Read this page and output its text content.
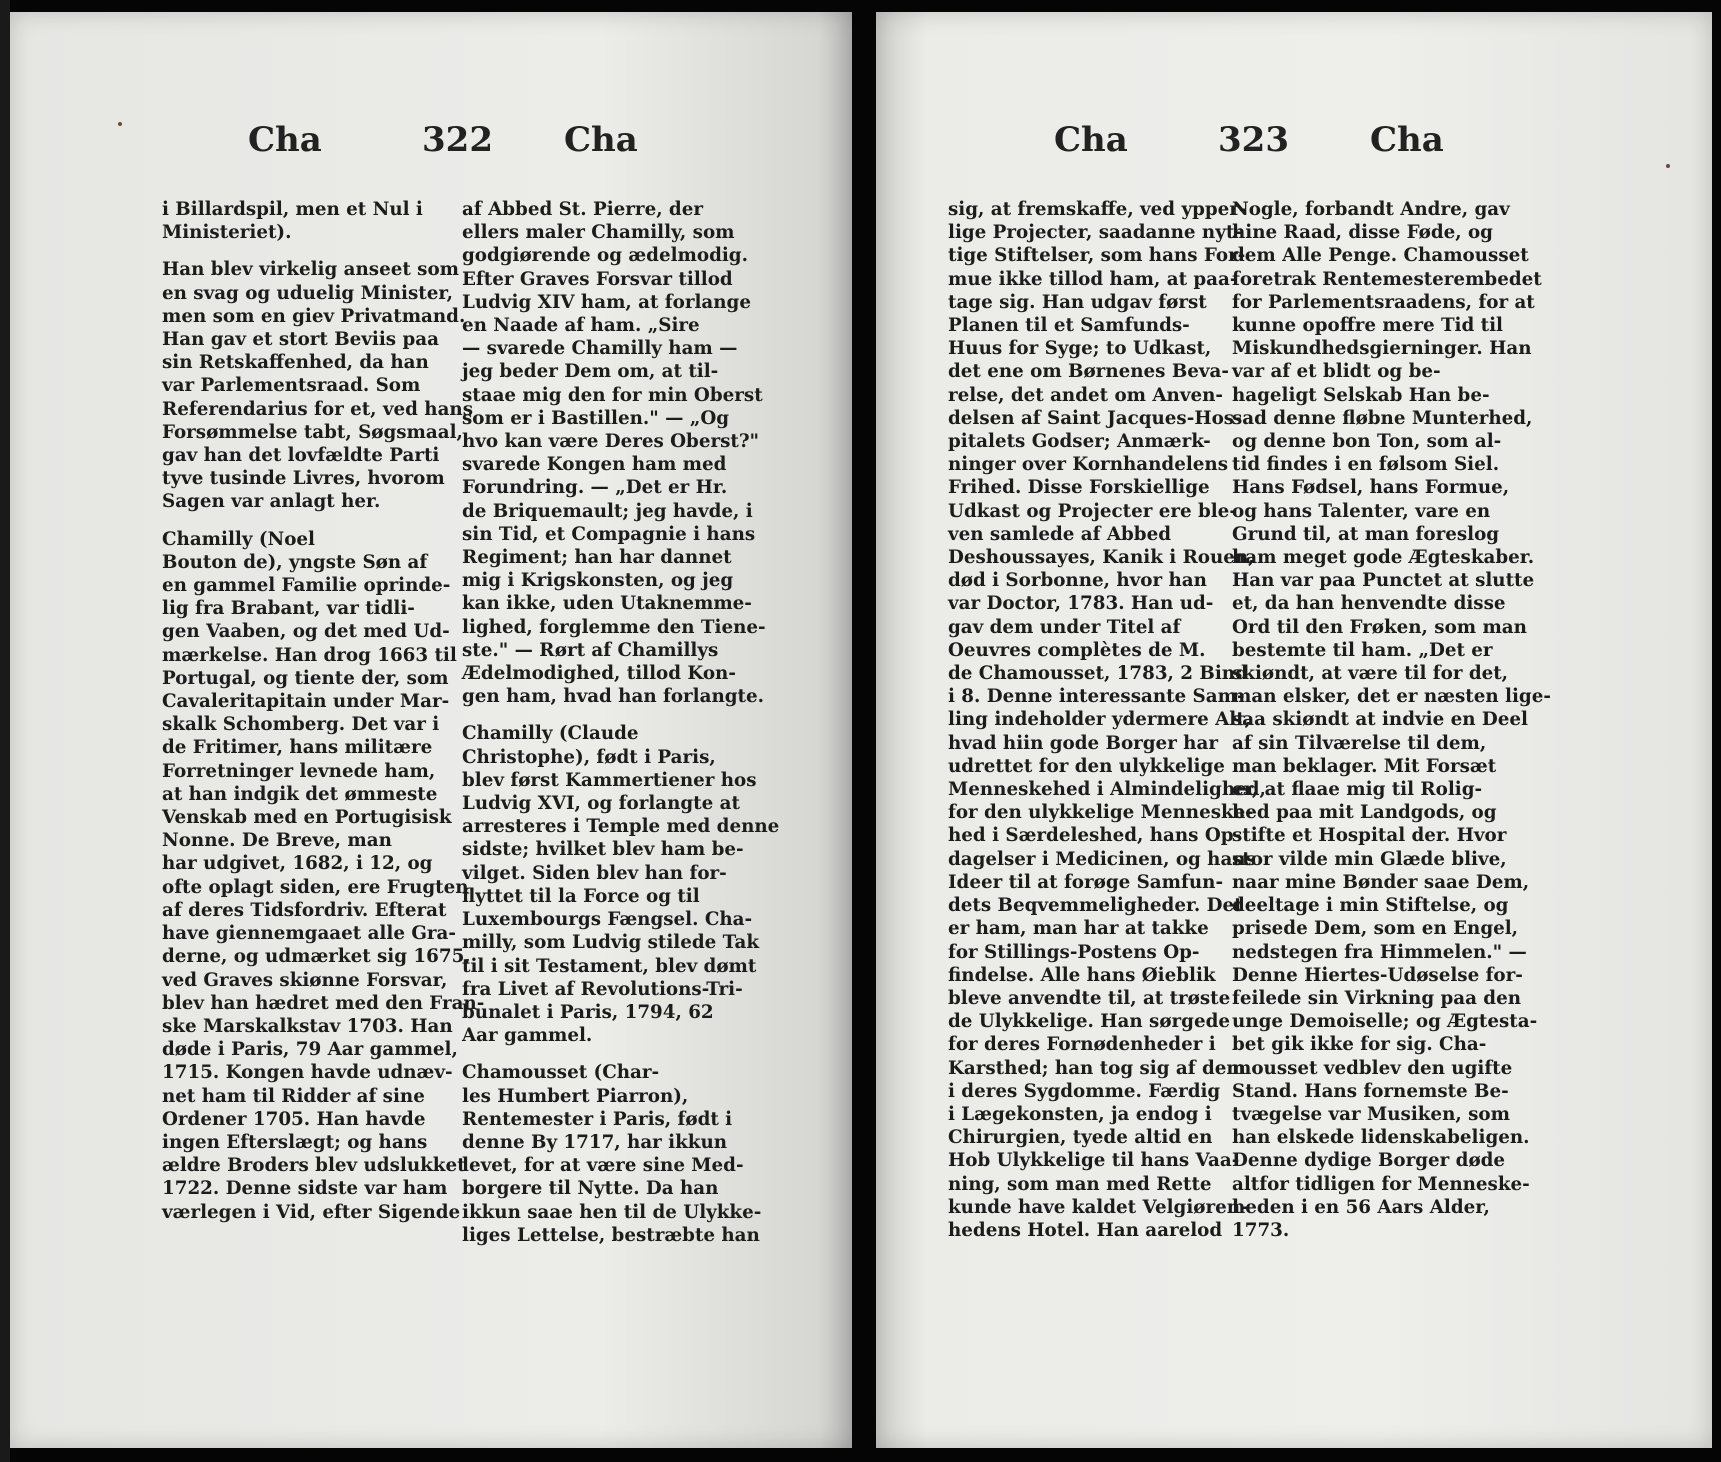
Cha	322 Cha
i Billardspil, men et Nul i
Ministeriet).
Han blev virkelig anseet som
en svag og uduelig Minister,
men som en giev Privatmand.
Han gav et stort Beviis paa
sin Retskaffenhed, da han
var Parlementsraad. Som
Referendarius for et, ved hans
Forsømmelse tabt, Søgsmaal,
gav han det lovfældte Parti
tyve tusinde Livres, hvorom
Sagen var anlagt her.
Chamilly (Noel
Bouton de), yngste Søn af
en gammel Familie oprinde-
lig fra Brabant, var tidli-
gen Vaaben, og det med Ud-
mærkelse. Han drog 1663 til
Portugal, og tiente der, som
Cavaleritapitain under Mar-
skalk Schomberg. Det var i
de Fritimer, hans militære
Forretninger levnede ham,
at han indgik det ømmeste
Venskab med en Portugisisk
Nonne. De Breve, man
har udgivet, 1682, i 12, og
ofte oplagt siden, ere Frugten
af deres Tidsfordriv. Efterat
have giennemgaaet alle Gra-
derne, og udmærket sig 1675,
ved Graves skiønne Forsvar,
blev han hædret med den Fran-
ske Marskalkstav 1703. Han
døde i Paris, 79 Aar gammel,
1715. Kongen havde udnæv-
net ham til Ridder af sine
Ordener 1705. Han havde
ingen Efterslægt; og hans
ældre Broders blev udslukket
1722. Denne sidste var ham
værlegen i Vid, efter Sigende
af Abbed St. Pierre, der
ellers maler Chamilly, som
godgiørende og ædelmodig.
Efter Graves Forsvar tillod
Ludvig XIV ham, at forlange
en Naade af ham. „Sire
— svarede Chamilly ham —
jeg beder Dem om, at til-
staae mig den for min Oberst
som er i Bastillen." — „Og
hvo kan være Deres Oberst?"
svarede Kongen ham med
Forundring. — „Det er Hr.
de Briquemault; jeg havde, i
sin Tid, et Compagnie i hans
Regiment; han har dannet
mig i Krigskonsten, og jeg
kan ikke, uden Utaknemme-
lighed, forglemme den Tiene-
ste." — Rørt af Chamillys
Ædelmodighed, tillod Kon-
gen ham, hvad han forlangte.
Chamilly (Claude
Christophe), født i Paris,
blev først Kammertiener hos
Ludvig XVI, og forlangte at
arresteres i Temple med denne
sidste; hvilket blev ham be-
vilget. Siden blev han for-
flyttet til la Force og til
Luxembourgs Fængsel. Cha-
milly, som Ludvig stilede Tak
til i sit Testament, blev dømt
fra Livet af Revolutions-Tri-
bunalet i Paris, 1794, 62
Aar gammel.
Chamousset (Char-
les Humbert Piarron),
Rentemester i Paris, født i
denne By 1717, har ikkun
levet, for at være sine Med-
borgere til Nytte. Da han
ikkun saae hen til de Ulykke-
liges Lettelse, bestræbte han
Cha	323 Cha
sig, at fremskaffe, ved ypper-
lige Projecter, saadanne nyt-
tige Stiftelser, som hans For-
mue ikke tillod ham, at paa-
tage sig. Han udgav først
Planen til et Samfunds-
Huus for Syge; to Udkast,
det ene om Børnenes Bevа-
relse, det andet om Anven-
delsen af Saint Jacques-Hos-
pitalets Godser; Anmærk-
ninger over Kornhandelens
Frihed. Disse Forskiellige
Udkast og Projecter ere ble-
ven samlede af Abbed
Deshoussayes, Kanik i Rouen,
død i Sorbonne, hvor han
var Doctor, 1783. Han ud-
gav dem under Titel af
Oeuvres complètes de M.
de Chamousset, 1783, 2 Bind
i 8. Denne interessante Sam-
ling indeholder ydermere Alt,
hvad hiin gode Borger har
udrettet for den ulykkelige
Menneskehed i Almindelighed,
for den ulykkelige Menneske-
hed i Særdeleshed, hans Op-
dagelser i Medicinen, og hans
Ideer til at forøge Samfun-
dets Beqvemmeligheder. Det
er ham, man har at takke
for Stillings-Postens Op-
findelse. Alle hans Øieblik
bleve anvendte til, at trøste
de Ulykkelige. Han sørgede
for deres Fornødenheder i
Karsthed; han tog sig af dem
i deres Sygdomme. Færdig
i Lægekonsten, ja endog i
Chirurgien, tyede altid en
Hob Ulykkelige til hans Vaa-
ning, som man med Rette
kunde have kaldet Velgiøren-
hedens Hotel. Han aarelod
Nogle, forbandt Andre, gav
hine Raad, disse Føde, og
dem Alle Penge. Chamousset
foretrak Rentemesterembedet
for Parlementsraadens, for at
kunne opoffre mere Tid til
Miskundhedsgierninger. Han
var af et blidt og be-
hageligt Selskab Han be-
sad denne fløbne Munterhed,
og denne bon Ton, som al-
tid findes i en følsom Siel.
Hans Fødsel, hans Formue,
og hans Talenter, vare en
Grund til, at man foreslog
ham meget gode Ægteskaber.
Han var paa Punctet at slutte
et, da han henvendte disse
Ord til den Frøken, som man
bestemte til ham. „Det er
skiøndt, at være til for det,
man elsker, det er næsten lige-
saa skiøndt at indvie en Deel
af sin Tilværelse til dem,
man beklager. Mit Forsæt
er, at flaae mig til Rolig-
hed paa mit Landgods, og
stifte et Hospital der. Hvor
stor vilde min Glæde blive,
naar mine Bønder saae Dem,
deeltage i min Stiftelse, og
prisede Dem, som en Engel,
nedstegen fra Himmelen." —
Denne Hiertes-Udøselse for-
feilede sin Virkning paa den
unge Demoiselle; og Ægtesta-
bet gik ikke for sig. Cha-
mousset vedblev den ugifte
Stand. Hans fornemste Be-
tvægelse var Musiken, som
han elskede lidenskabeligen.
Denne dydige Borger døde
altfor tidligen for Menneske-
heden i en 56 Aars Alder,
1773.
